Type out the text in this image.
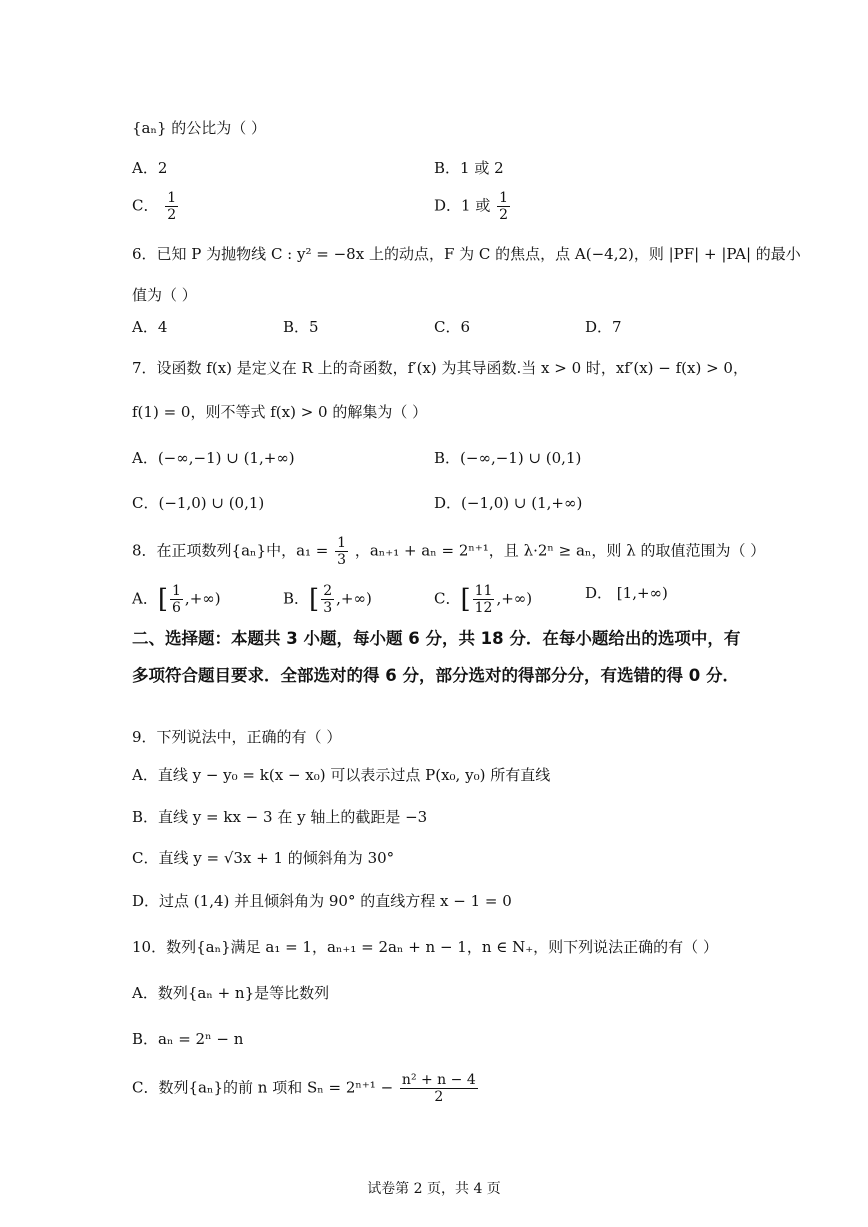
{aₙ} 的公比为（ ）
A．2	B．1 或 2
C． $\frac{1}{2}$	D．1 或 $\frac{1}{2}$
6．已知 P 为抛物线 C : y² = −8x 上的动点，F 为 C 的焦点，点 A(−4,2)，则 |PF| + |PA| 的最小
值为（ ）
A．4	B．5	C．6	D．7
7．设函数 f(x) 是定义在 R 上的奇函数，f′(x) 为其导函数.当 x > 0 时，xf′(x) − f(x) > 0，
f(1) = 0，则不等式 f(x) > 0 的解集为（ ）
A．(−∞,−1) ∪ (1,+∞)	B．(−∞,−1) ∪ (0,1)
C．(−1,0) ∪ (0,1)	D．(−1,0) ∪ (1,+∞)
8．在正项数列{aₙ}中，$a_1 = \frac{1}{3}$ ，aₙ₊₁ + aₙ = 2ⁿ⁺¹，且 λ·2ⁿ ≥ aₙ，则 λ 的取值范围为（ ）
A．[ $\frac{1}{6}$ ,+∞)	B．[ $\frac{2}{3}$ ,+∞)	C．[ $\frac{11}{12}$ ,+∞)	D． [1,+∞)
二、选择题：本题共 3 小题，每小题 6 分，共 18 分．在每小题给出的选项中，有多项符合题目要求．全部选对的得 6 分，部分选对的得部分分，有选错的得 0 分．
9．下列说法中，正确的有（ ）
A．直线 y − y₀ = k(x − x₀) 可以表示过点 P(x₀, y₀) 所有直线
B．直线 y = kx − 3 在 y 轴上的截距是 −3
C．直线 y = √3x + 1 的倾斜角为 30°
D．过点 (1,4) 并且倾斜角为 90° 的直线方程 x − 1 = 0
10．数列{aₙ}满足 a₁ = 1，aₙ₊₁ = 2aₙ + n − 1，n ∈ N₊，则下列说法正确的有（ ）
A．数列{aₙ + n}是等比数列
B．aₙ = 2ⁿ − n
C．数列{aₙ}的前 n 项和 $S_n = 2^{n+1} - \frac{\text{n² + n − 4}}{2}$
试卷第 2 页，共 4 页
